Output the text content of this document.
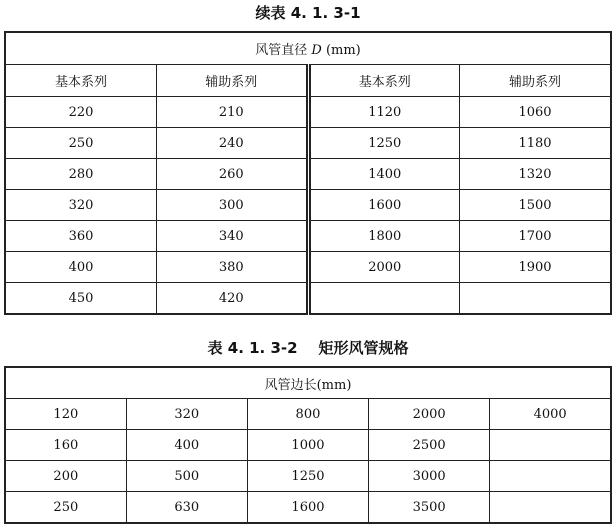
续表 4. 1. 3-1
风管直径 D (mm)			
基本系列	辅助系列	基本系列	辅助系列
220	210	1120	1060
250	240	1250	1180
280	260	1400	1320
320	300	1600	1500
360	340	1800	1700
400	380	2000	1900
450	420		
表 4. 1. 3-2    矩形风管规格
风管边长(mm)				
120	320	800	2000	4000
160	400	1000	2500	
200	500	1250	3000	
250	630	1600	3500	
